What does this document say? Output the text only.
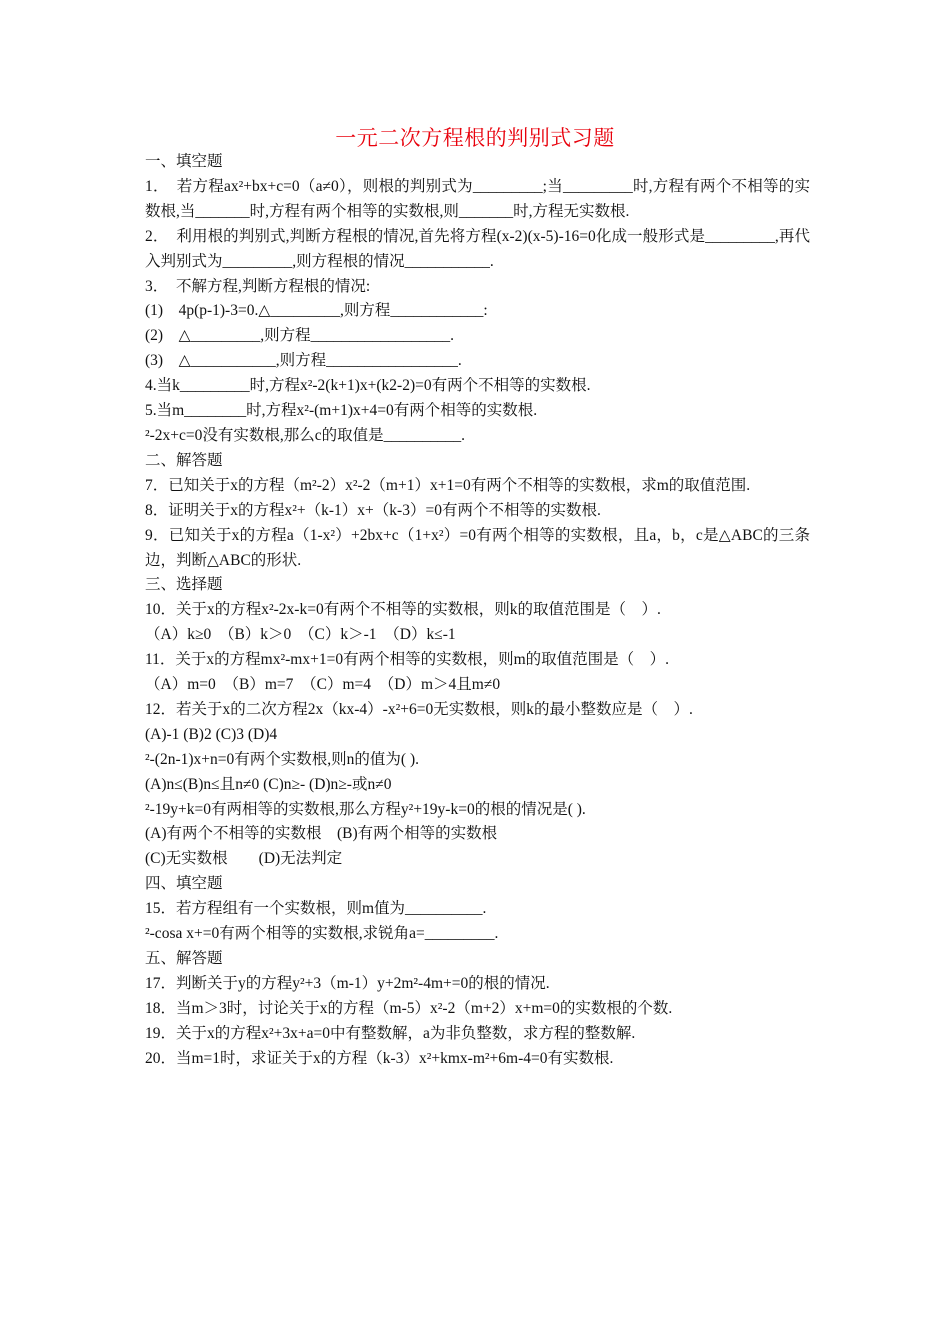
一元二次方程根的判别式习题
一、填空题
1．　若方程ax²+bx+c=0（a≠0），则根的判别式为_________;当_________时,方程有两个不相等的实数根,当_______时,方程有两个相等的实数根,则_______时,方程无实数根.
2．　利用根的判别式,判断方程根的情况,首先将方程(x-2)(x-5)-16=0化成一般形式是_________,再代入判别式为_________,则方程根的情况___________.
3．　不解方程,判断方程根的情况:
(1)　4p(p-1)-3=0.△_________,则方程____________:
(2)　△_________,则方程__________________.
(3)　△___________,则方程_________________.
4.当k_________时,方程x²-2(k+1)x+(k2-2)=0有两个不相等的实数根.
5.当m________时,方程x²-(m+1)x+4=0有两个相等的实数根.
²-2x+c=0没有实数根,那么c的取值是__________.
二、解答题
7．已知关于x的方程（m²-2）x²-2（m+1）x+1=0有两个不相等的实数根，求m的取值范围.
8．证明关于x的方程x²+（k-1）x+（k-3）=0有两个不相等的实数根.
9．已知关于x的方程a（1-x²）+2bx+c（1+x²）=0有两个相等的实数根，且a，b，c是△ABC的三条边，判断△ABC的形状.
三、选择题
10．关于x的方程x²-2x-k=0有两个不相等的实数根，则k的取值范围是（　）.
（A）k≥0　（B）k＞0　（C）k＞-1　（D）k≤-1
11．关于x的方程mx²-mx+1=0有两个相等的实数根，则m的取值范围是（　）.
（A）m=0　（B）m=7　（C）m=4　（D）m＞4且m≠0
12．若关于x的二次方程2x（kx-4）-x²+6=0无实数根，则k的最小整数应是（　）.
(A)-1 (B)2 (C)3 (D)4
²-(2n-1)x+n=0有两个实数根,则n的值为( ).
(A)n≤(B)n≤且n≠0 (C)n≥- (D)n≥-或n≠0
²-19y+k=0有两相等的实数根,那么方程y²+19y-k=0的根的情况是( ).
(A)有两个不相等的实数根　(B)有两个相等的实数根
(C)无实数根　　(D)无法判定
四、填空题
15．若方程组有一个实数根，则m值为__________.
²-cosa x+=0有两个相等的实数根,求锐角a=_________.
五、解答题
17．判断关于y的方程y²+3（m-1）y+2m²-4m+=0的根的情况.
18．当m＞3时，讨论关于x的方程（m-5）x²-2（m+2）x+m=0的实数根的个数.
19．关于x的方程x²+3x+a=0中有整数解，a为非负整数，求方程的整数解.
20．当m=1时，求证关于x的方程（k-3）x²+kmx-m²+6m-4=0有实数根.
